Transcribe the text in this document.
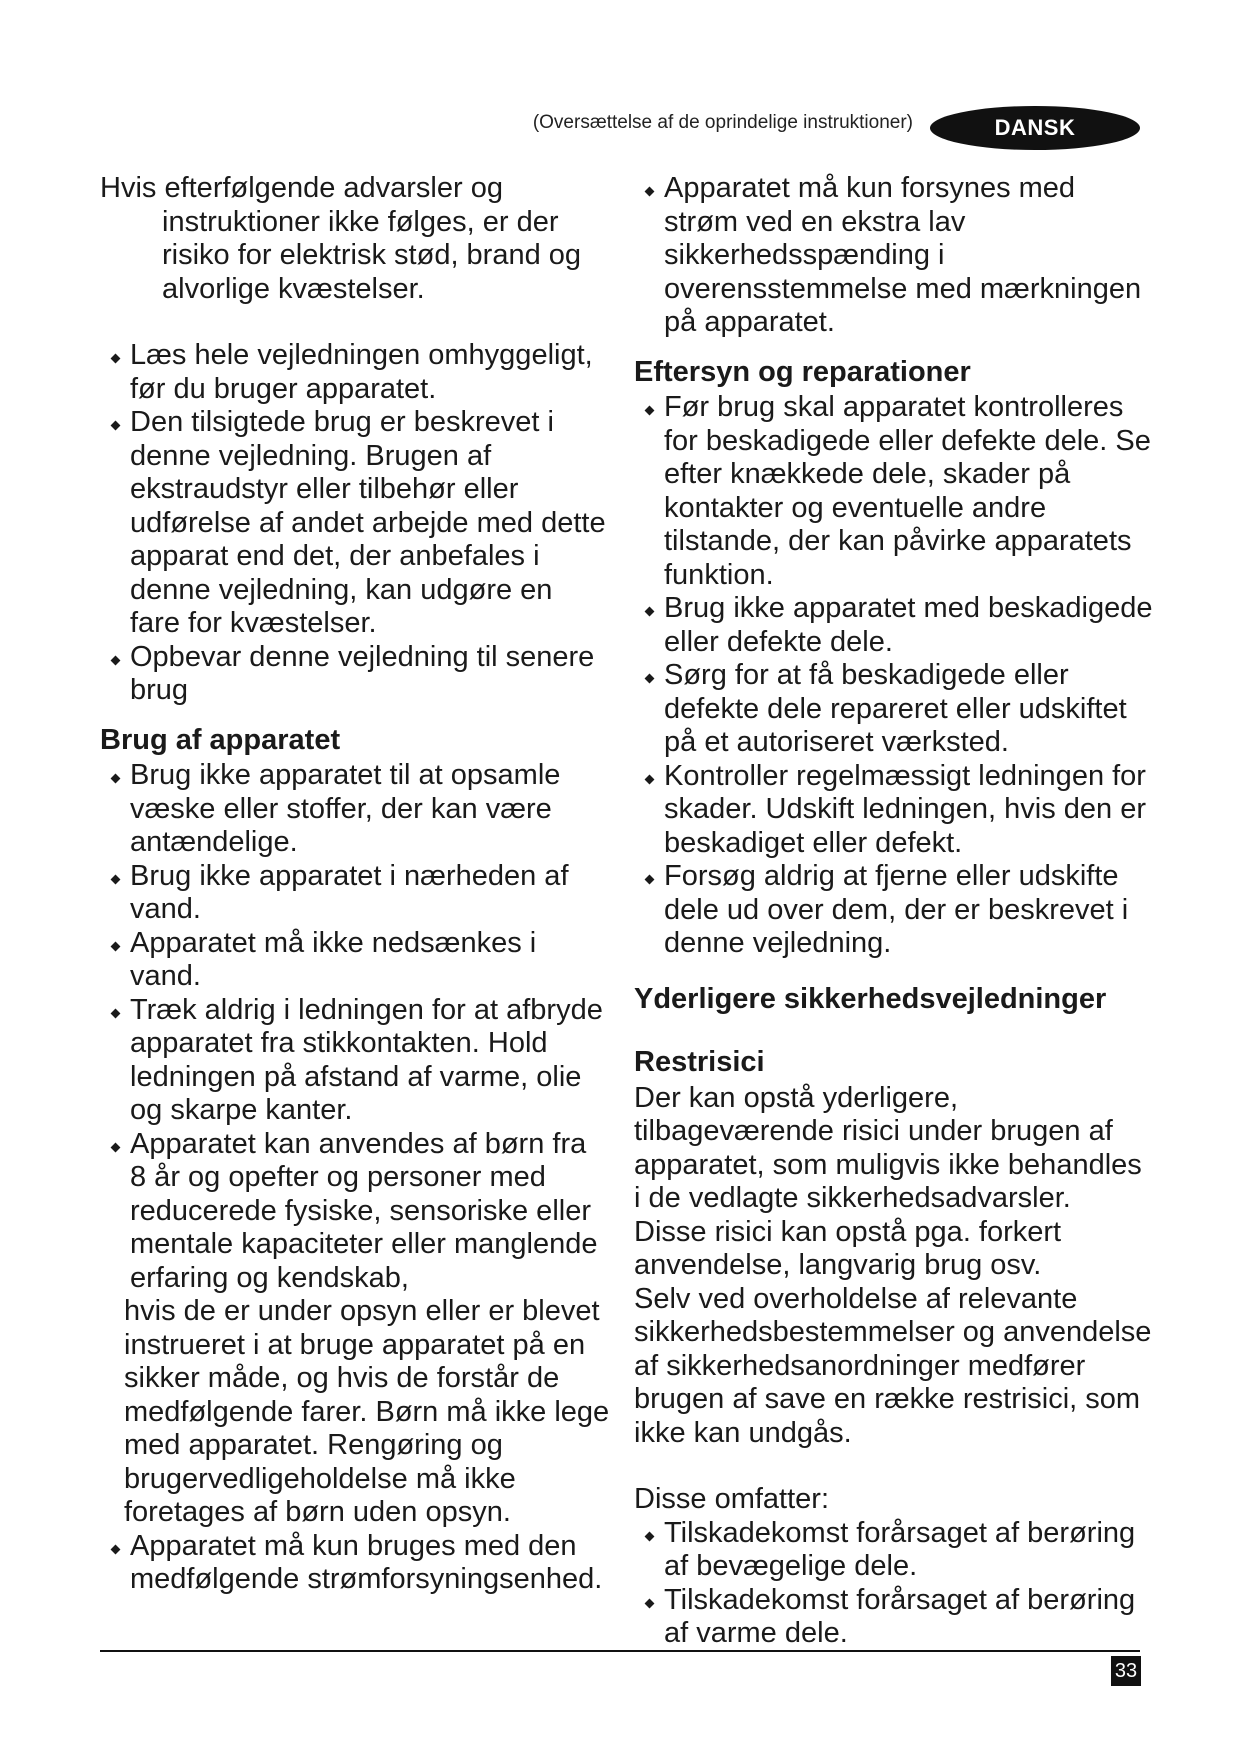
(Oversættelse af de oprindelige instruktioner)	DANSK

Hvis efterfølgende advarsler og instruktioner ikke følges, er der risiko for elektrisk stød, brand og alvorlige kvæstelser.

Læs hele vejledningen omhyggeligt, før du bruger apparatet.
Den tilsigtede brug er beskrevet i denne vejledning. Brugen af ekstraudstyr eller tilbehør eller udførelse af andet arbejde med dette apparat end det, der anbefales i denne vejledning, kan udgøre en fare for kvæstelser.
Opbevar denne vejledning til senere brug
Brug af apparatet
Brug ikke apparatet til at opsamle væske eller stoffer, der kan være antændelige.
Brug ikke apparatet i nærheden af vand.
Apparatet må ikke nedsænkes i vand.
Træk aldrig i ledningen for at afbryde apparatet fra stikkontakten. Hold ledningen på afstand af varme, olie og skarpe kanter.
Apparatet kan anvendes af børn fra 8 år og opefter og personer med reducerede fysiske, sensoriske eller mentale kapaciteter eller manglende erfaring og kendskab,

hvis de er under opsyn eller er blevet instrueret i at bruge apparatet på en sikker måde, og hvis de forstår de medfølgende farer. Børn må ikke lege med apparatet. Rengøring og brugervedligeholdelse må ikke foretages af børn uden opsyn.

Apparatet må kun bruges med den medfølgende strømforsyningsenhed.
Apparatet må kun forsynes med strøm ved en ekstra lav sikkerhedsspænding i overensstemmelse med mærkningen på apparatet.
Eftersyn og reparationer
Før brug skal apparatet kontrolleres for beskadigede eller defekte dele. Se efter knækkede dele, skader på kontakter og eventuelle andre tilstande, der kan påvirke apparatets funktion.
Brug ikke apparatet med beskadigede eller defekte dele.
Sørg for at få beskadigede eller defekte dele repareret eller udskiftet på et autoriseret værksted.
Kontroller regelmæssigt ledningen for skader. Udskift ledningen, hvis den er beskadiget eller defekt.
Forsøg aldrig at fjerne eller udskifte dele ud over dem, der er beskrevet i denne vejledning.
Yderligere sikkerhedsvejledninger
Restrisici

Der kan opstå yderligere, tilbageværende risici under brugen af apparatet, som muligvis ikke behandles i de vedlagte sikkerhedsadvarsler.

Disse risici kan opstå pga. forkert anvendelse, langvarig brug osv.

Selv ved overholdelse af relevante sikkerhedsbestemmelser og anvendelse af sikkerhedsanordninger medfører brugen af save en række restrisici, som ikke kan undgås.

Disse omfatter:

Tilskadekomst forårsaget af berøring af bevægelige dele.
Tilskadekomst forårsaget af berøring af varme dele.
33
